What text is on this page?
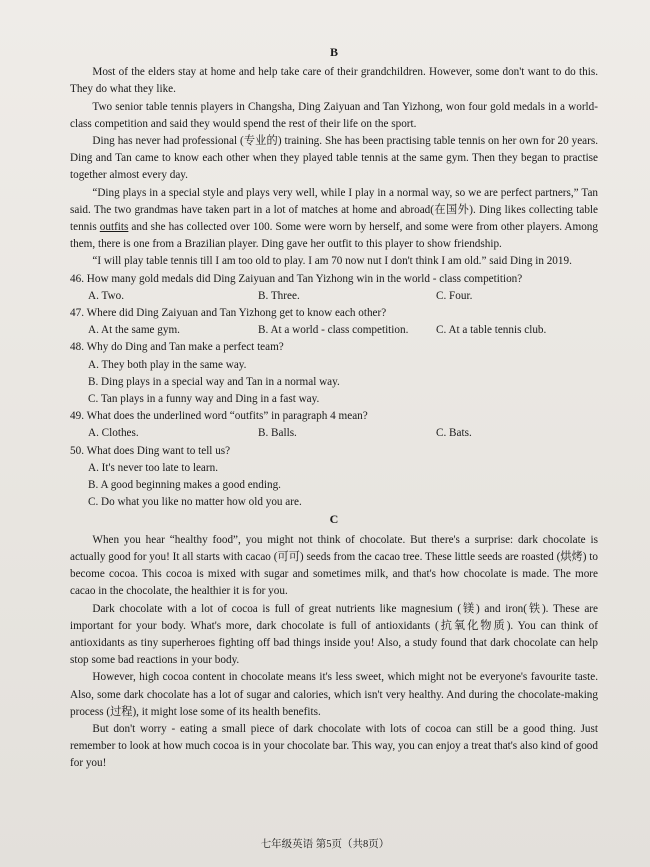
B

Most of the elders stay at home and help take care of their grandchildren. However, some don't want to do this. They do what they like.

Two senior table tennis players in Changsha, Ding Zaiyuan and Tan Yizhong, won four gold medals in a world-class competition and said they would spend the rest of their life on the sport.

Ding has never had professional (专业的) training. She has been practising table tennis on her own for 20 years. Ding and Tan came to know each other when they played table tennis at the same gym. Then they began to practise together almost every day.

“Ding plays in a special style and plays very well, while I play in a normal way, so we are perfect partners,” Tan said. The two grandmas have taken part in a lot of matches at home and abroad(在国外). Ding likes collecting table tennis outfits and she has collected over 100. Some were worn by herself, and some were from other players. Among them, there is one from a Brazilian player. Ding gave her outfit to this player to show friendship.

“I will play table tennis till I am too old to play. I am 70 now nut I don't think I am old.” said Ding in 2019.

46. How many gold medals did Ding Zaiyuan and Tan Yizhong win in the world - class competition?
A. Two.	B. Three.	C. Four.
47. Where did Ding Zaiyuan and Tan Yizhong get to know each other?
A. At the same gym.	B. At a world - class competition.	C. At a table tennis club.
48. Why do Ding and Tan make a perfect team?
A. They both play in the same way.
B. Ding plays in a special way and Tan in a normal way.
C. Tan plays in a funny way and Ding in a fast way.
49. What does the underlined word “outfits” in paragraph 4 mean?
A. Clothes.	B. Balls.	C. Bats.
50. What does Ding want to tell us?
A. It's never too late to learn.
B. A good beginning makes a good ending.
C. Do what you like no matter how old you are.
C

When you hear “healthy food”, you might not think of chocolate. But there's a surprise: dark chocolate is actually good for you! It all starts with cacao (可可) seeds from the cacao tree. These little seeds are roasted (烘烤) to become cocoa. This cocoa is mixed with sugar and sometimes milk, and that's how chocolate is made. The more cacao in the chocolate, the healthier it is for you.

Dark chocolate with a lot of cocoa is full of great nutrients like magnesium (镁) and iron(铁). These are important for your body. What's more, dark chocolate is full of antioxidants (抗氧化物质). You can think of antioxidants as tiny superheroes fighting off bad things inside you! Also, a study found that dark chocolate can help stop some bad reactions in your body.

However, high cocoa content in chocolate means it's less sweet, which might not be everyone's favourite taste. Also, some dark chocolate has a lot of sugar and calories, which isn't very healthy. And during the chocolate-making process (过程), it might lose some of its health benefits.

But don't worry - eating a small piece of dark chocolate with lots of cocoa can still be a good thing. Just remember to look at how much cocoa is in your chocolate bar. This way, you can enjoy a treat that's also kind of good for you!

七年级英语 第5页（共8页）
